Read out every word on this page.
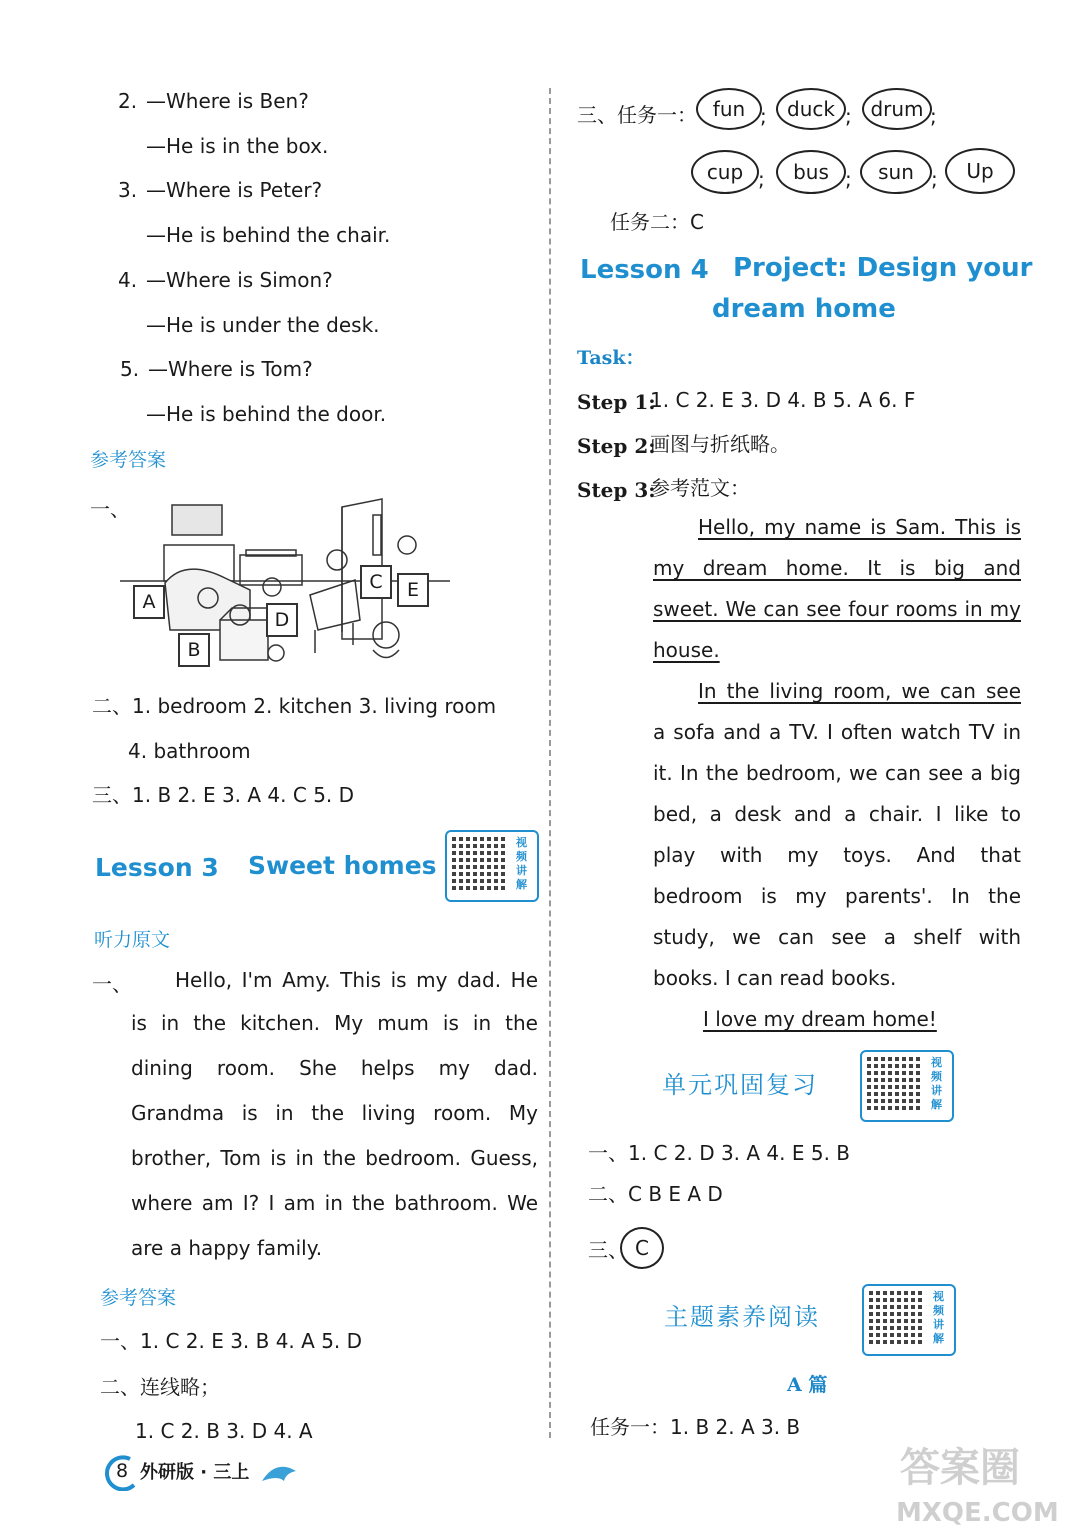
2. —Where is Ben?
—He is in the box.
3. —Where is Peter?
—He is behind the chair.
4. —Where is Simon?
—He is under the desk.
5. —Where is Tom?
—He is behind the door.
参考答案
一、
A
B
C
D
E
二、1. bedroom 2. kitchen 3. living room
4. bathroom
三、1. B 2. E 3. A 4. C 5. D
Lesson 3 Sweet homes
视频讲解
听力原文
一、	Hello, I'm Amy. This is my dad. He
is in the kitchen. My mum is in the
dining room. She helps my dad.
Grandma is in the living room. My
brother, Tom is in the bedroom. Guess,
where am I? I am in the bathroom. We
are a happy family.
参考答案
一、1. C 2. E 3. B 4. A 5. D
二、连线略；
1. C 2. B 3. D 4. A
8 外研版 · 三上
三、任务一： fun ;	duck ; drum ;
cup ;	bus ;	sun ;	Up
任务二：C
Lesson 4 Project: Design your
dream home
Task：
Step 1:
1. C 2. E 3. D 4. B 5. A 6. F
Step 2:
画图与折纸略。
Step 3:
参考范文：
Hello, my name is Sam. This is
my dream home. It is big and
sweet. We can see four rooms in my
house.
In the living room, we can see
a sofa and a TV. I often watch TV in
it. In the bedroom, we can see a big
bed, a desk and a chair. I like to
play with my toys. And that
bedroom is my parents'. In the
study, we can see a shelf with
books. I can read books.
I love my dream home!
单元巩固复习
视频讲解
一、1. C 2. D 3. A 4. E 5. B
二、C B E A D
三、 C
主题素养阅读
视频讲解
A 篇
任务一：1. B 2. A 3. B
答案圈
MXQE.COM
